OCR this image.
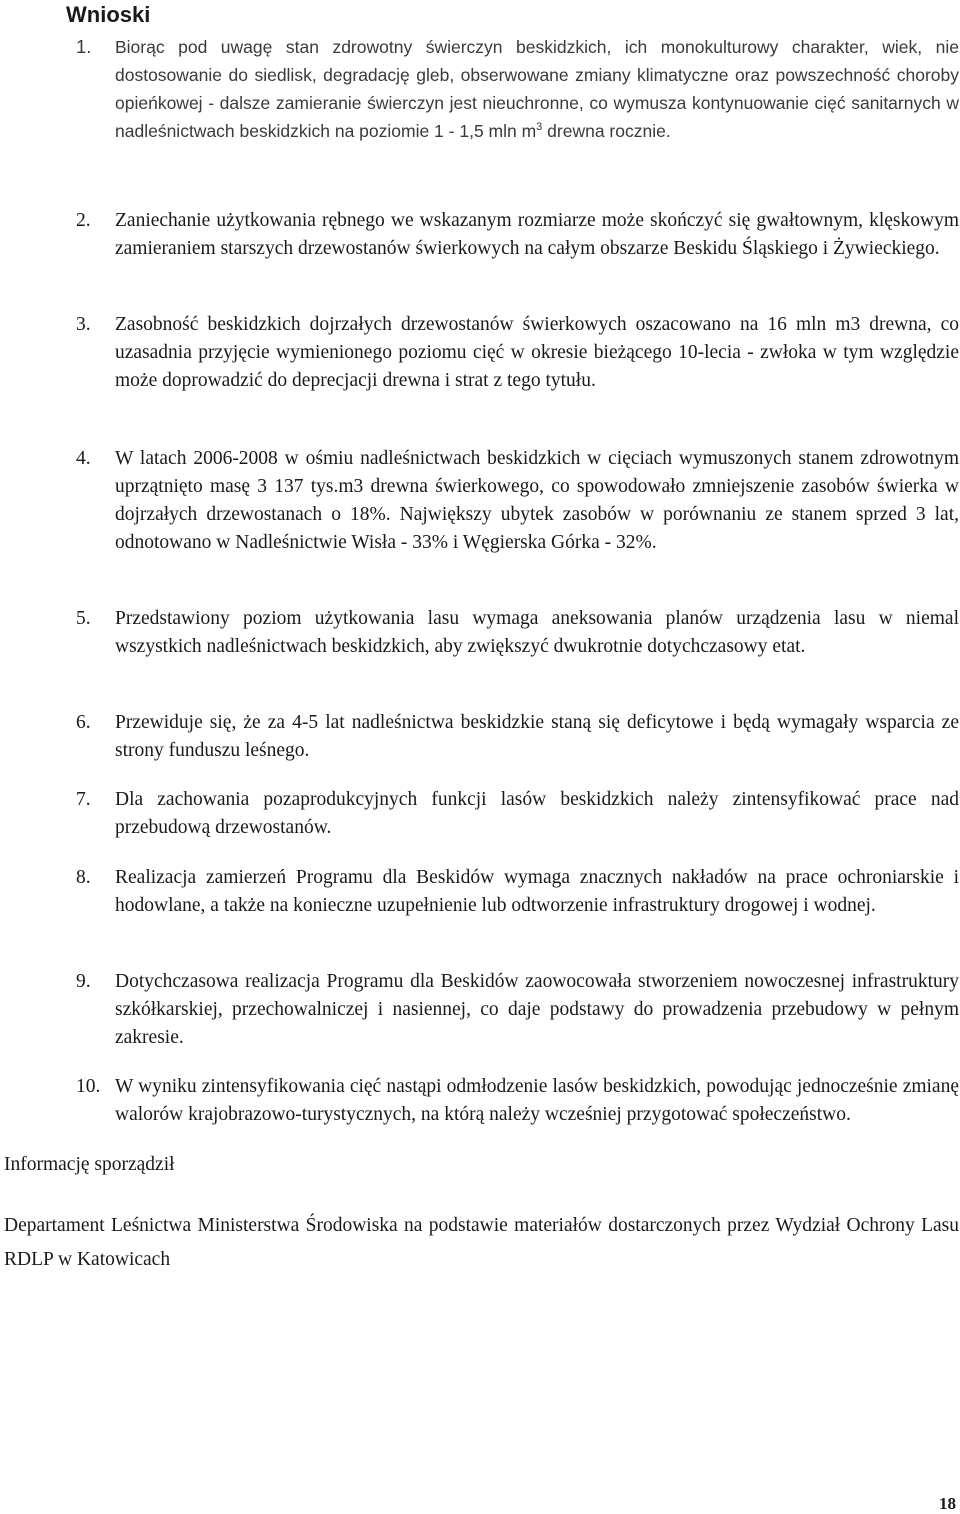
Wnioski
1.	Biorąc pod uwagę stan zdrowotny świerczyn beskidzkich, ich monokulturowy charakter, wiek, nie dostosowanie do siedlisk, degradację gleb, obserwowane zmiany klimatyczne oraz powszechność choroby opieńkowej - dalsze zamieranie świerczyn jest nieuchronne, co wymusza kontynuowanie cięć sanitarnych w nadleśnictwach beskidzkich na poziomie 1 - 1,5 mln $m^3$ drewna rocznie.
2.	Zaniechanie użytkowania rębnego we wskazanym rozmiarze może skończyć się gwałtownym, klęskowym zamieraniem starszych drzewostanów świerkowych na całym obszarze Beskidu Śląskiego i Żywieckiego.
3.	Zasobność beskidzkich dojrzałych drzewostanów świerkowych oszacowano na 16 mln m3 drewna, co uzasadnia przyjęcie wymienionego poziomu cięć w okresie bieżącego 10-lecia - zwłoka w tym względzie może doprowadzić do deprecjacji drewna i strat z tego tytułu.
4.	W latach 2006-2008 w ośmiu nadleśnictwach beskidzkich w cięciach wymuszonych stanem zdrowotnym uprzątnięto masę 3 137 tys.m3 drewna świerkowego, co spowodowało zmniejszenie zasobów świerka w dojrzałych drzewostanach o 18%. Największy ubytek zasobów w porównaniu ze stanem sprzed 3 lat, odnotowano w Nadleśnictwie Wisła - 33% i Węgierska Górka - 32%.
5.	Przedstawiony poziom użytkowania lasu wymaga aneksowania planów urządzenia lasu w niemal wszystkich nadleśnictwach beskidzkich, aby zwiększyć dwukrotnie dotychczasowy etat.
6.	Przewiduje się, że za 4-5 lat nadleśnictwa beskidzkie staną się deficytowe i będą wymagały wsparcia ze strony funduszu leśnego.
7.	Dla zachowania pozaprodukcyjnych funkcji lasów beskidzkich należy zintensyfikować prace nad przebudową drzewostanów.
8.	Realizacja zamierzeń Programu dla Beskidów wymaga znacznych nakładów na prace ochroniarskie i hodowlane, a także na konieczne uzupełnienie lub odtworzenie infrastruktury drogowej i wodnej.
9.	Dotychczasowa realizacja Programu dla Beskidów zaowocowała stworzeniem nowoczesnej infrastruktury szkółkarskiej, przechowalniczej i nasiennej, co daje podstawy do prowadzenia przebudowy w pełnym zakresie.
10. W wyniku zintensyfikowania cięć nastąpi odmłodzenie lasów beskidzkich, powodując jednocześnie zmianę walorów krajobrazowo-turystycznych, na którą należy wcześniej przygotować społeczeństwo.
Informację sporządził
Departament Leśnictwa Ministerstwa Środowiska na podstawie materiałów dostarczonych przez Wydział Ochrony Lasu RDLP w Katowicach
18
